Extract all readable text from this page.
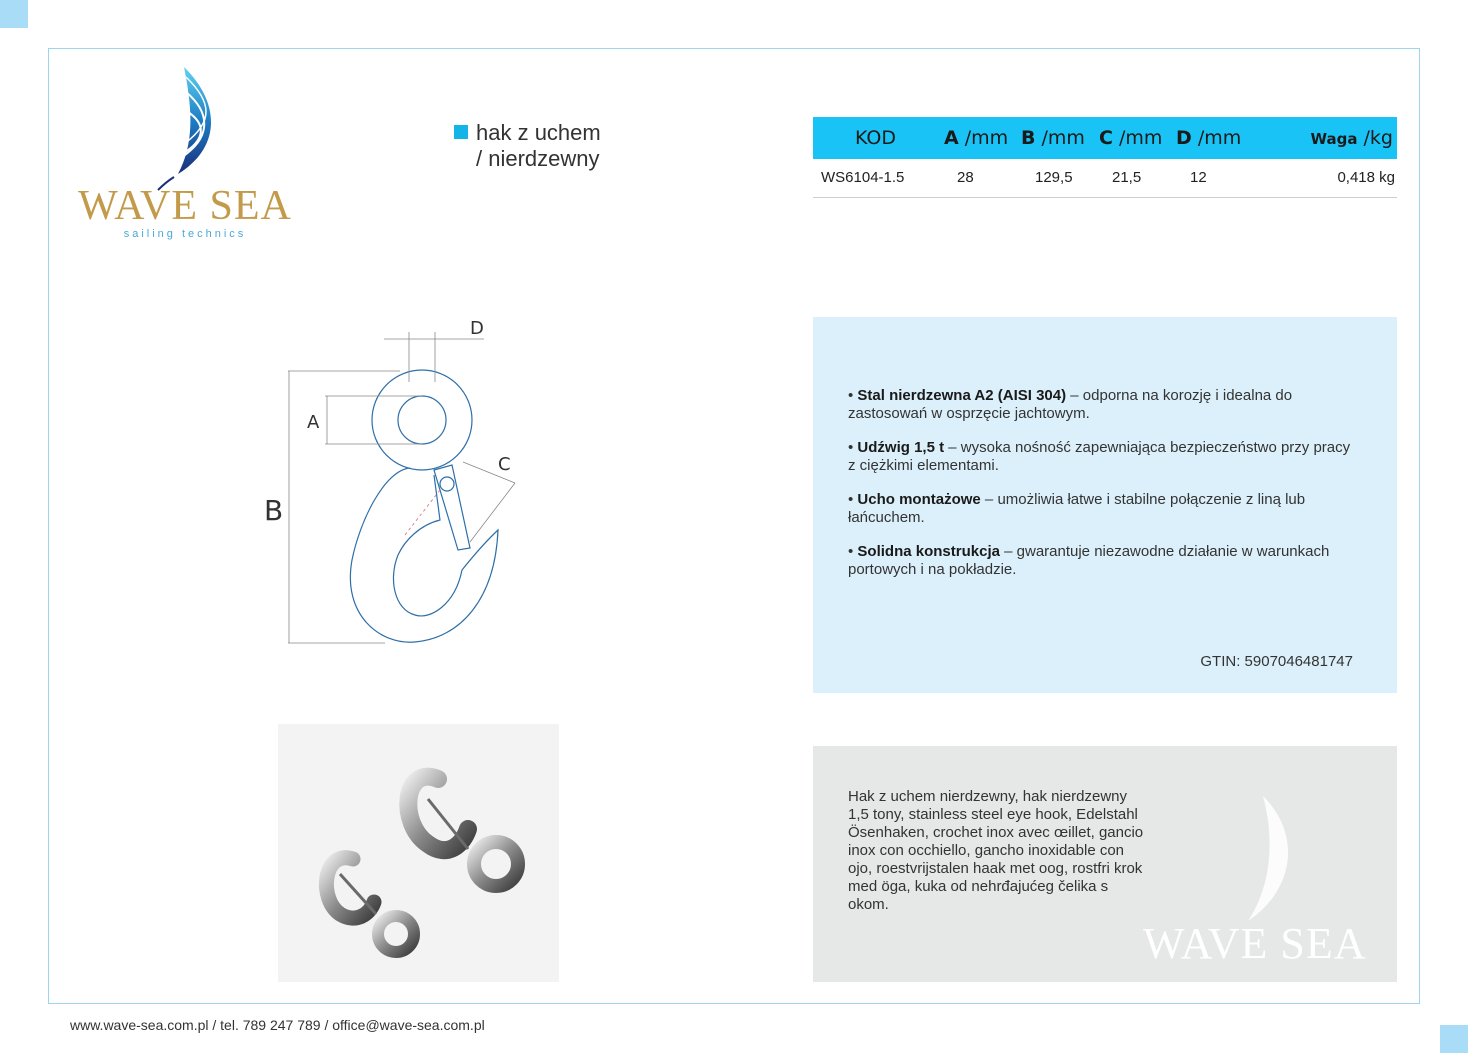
WAVE SEA
sailing technics
hak z uchem
/ nierdzewny
KOD	A /mm B /mm C /mm D /mm	Waga /kg
WS6104-1.5	28	129,5	21,5	12	0,418 kg
D
A
B
C

• Stal nierdzewna A2 (AISI 304) – odporna na korozję i idealna do zastosowań w osprzęcie jachtowym.

• Udźwig 1,5 t – wysoka nośność zapewniająca bezpieczeństwo przy pracy z ciężkimi elementami.

• Ucho montażowe – umożliwia łatwe i stabilne połączenie z liną lub łańcuchem.

• Solidna konstrukcja – gwarantuje niezawodne działanie w warunkach portowych i na pokładzie.

GTIN: 5907046481747
Hak z uchem nierdzewny, hak nierdzewny 1,5 tony, stainless steel eye hook, Edelstahl Ösenhaken, crochet inox avec œillet, gancio inox con occhiello, gancho inoxidable con ojo, roestvrijstalen haak met oog, rostfri krok med öga, kuka od nehrđajućeg čelika s okom.
WAVE SEA
www.wave-sea.com.pl / tel. 789 247 789 / office@wave-sea.com.pl
